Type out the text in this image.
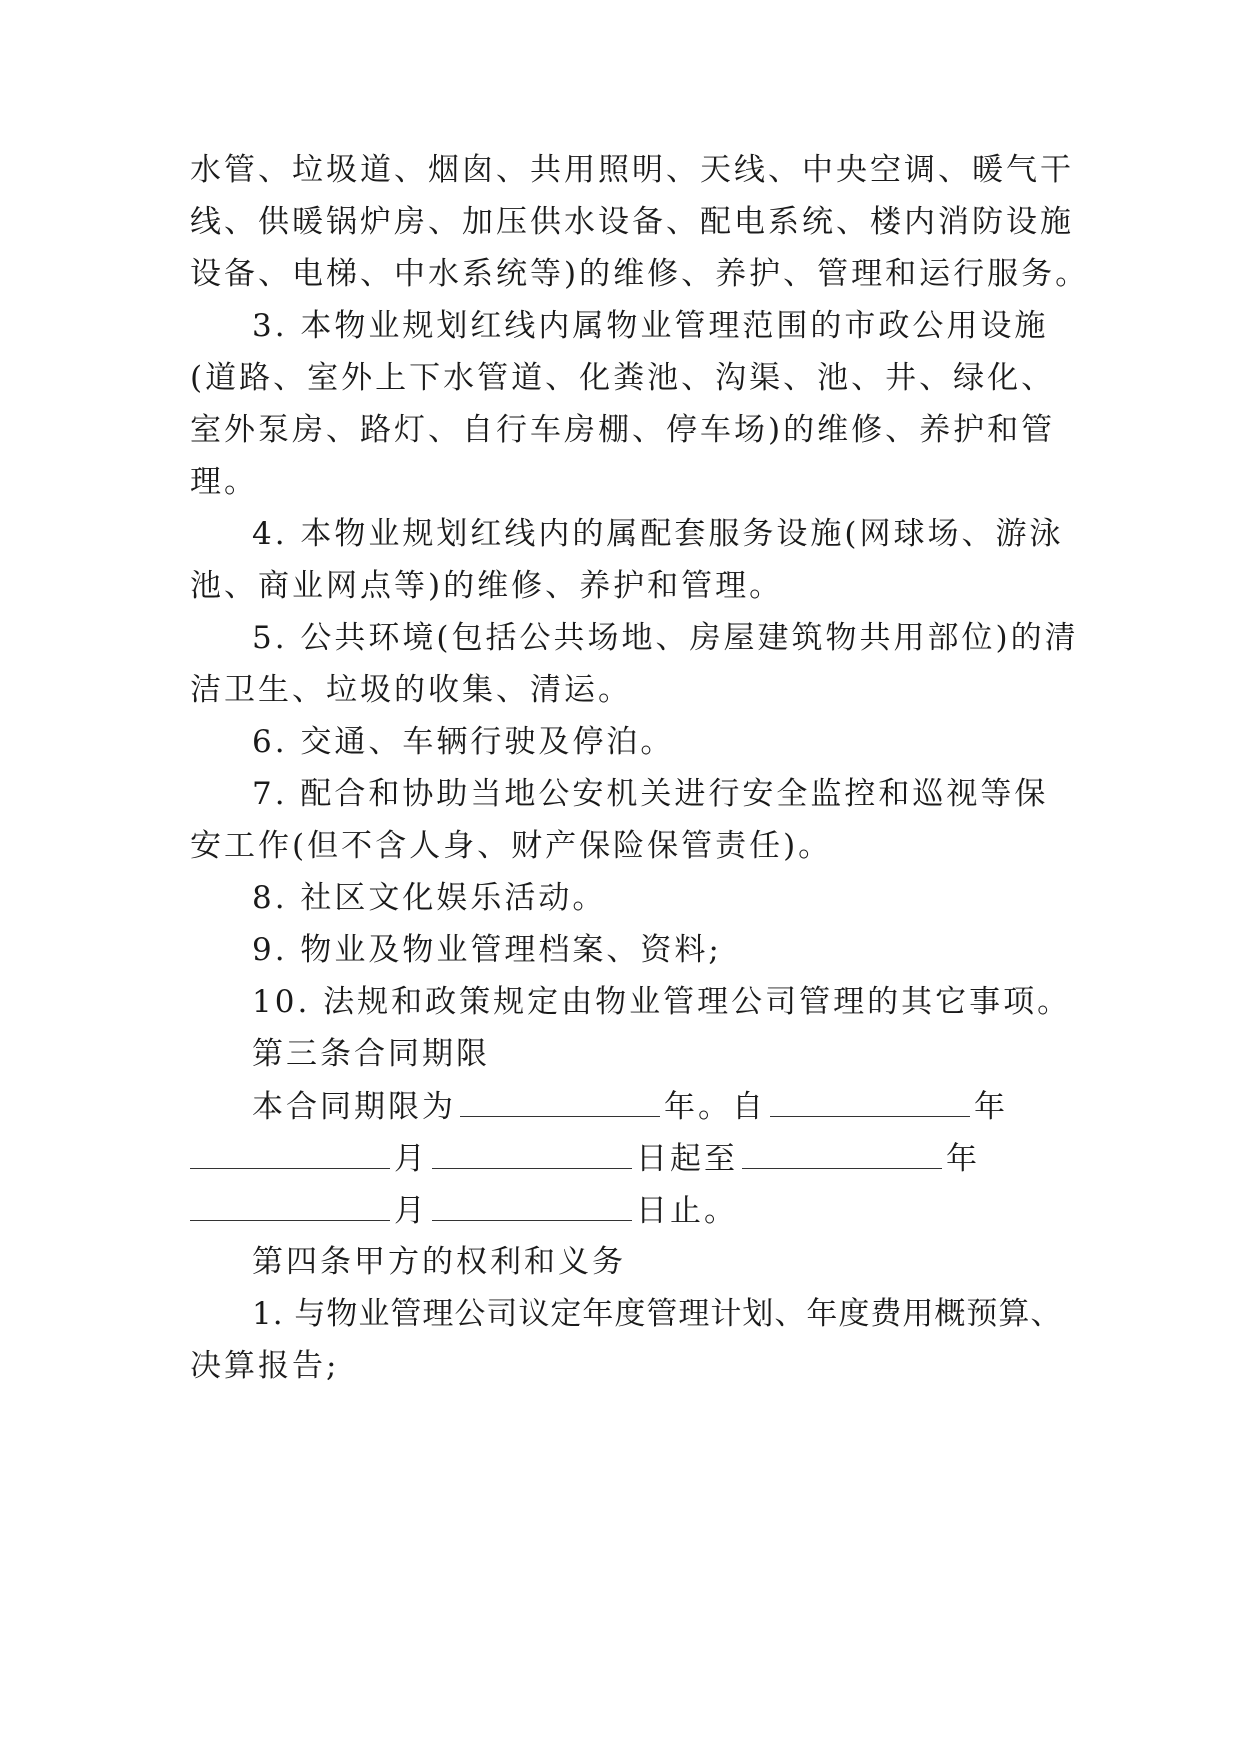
水管、垃圾道、烟囱、共用照明、天线、中央空调、暖气干
线、供暖锅炉房、加压供水设备、配电系统、楼内消防设施
设备、电梯、中水系统等)的维修、养护、管理和运行服务。
3. 本物业规划红线内属物业管理范围的市政公用设施
(道路、室外上下水管道、化粪池、沟渠、池、井、绿化、
室外泵房、路灯、自行车房棚、停车场)的维修、养护和管
理。
4. 本物业规划红线内的属配套服务设施(网球场、游泳
池、商业网点等)的维修、养护和管理。
5. 公共环境(包括公共场地、房屋建筑物共用部位)的清
洁卫生、垃圾的收集、清运。
6. 交通、车辆行驶及停泊。
7. 配合和协助当地公安机关进行安全监控和巡视等保
安工作(但不含人身、财产保险保管责任)。
8. 社区文化娱乐活动。
9. 物业及物业管理档案、资料;
10. 法规和政策规定由物业管理公司管理的其它事项。
第三条合同期限
本合同期限为	年。自	年
月	日起至	年
月	日止。
第四条甲方的权利和义务
1. 与物业管理公司议定年度管理计划、年度费用概预算、
决算报告;
